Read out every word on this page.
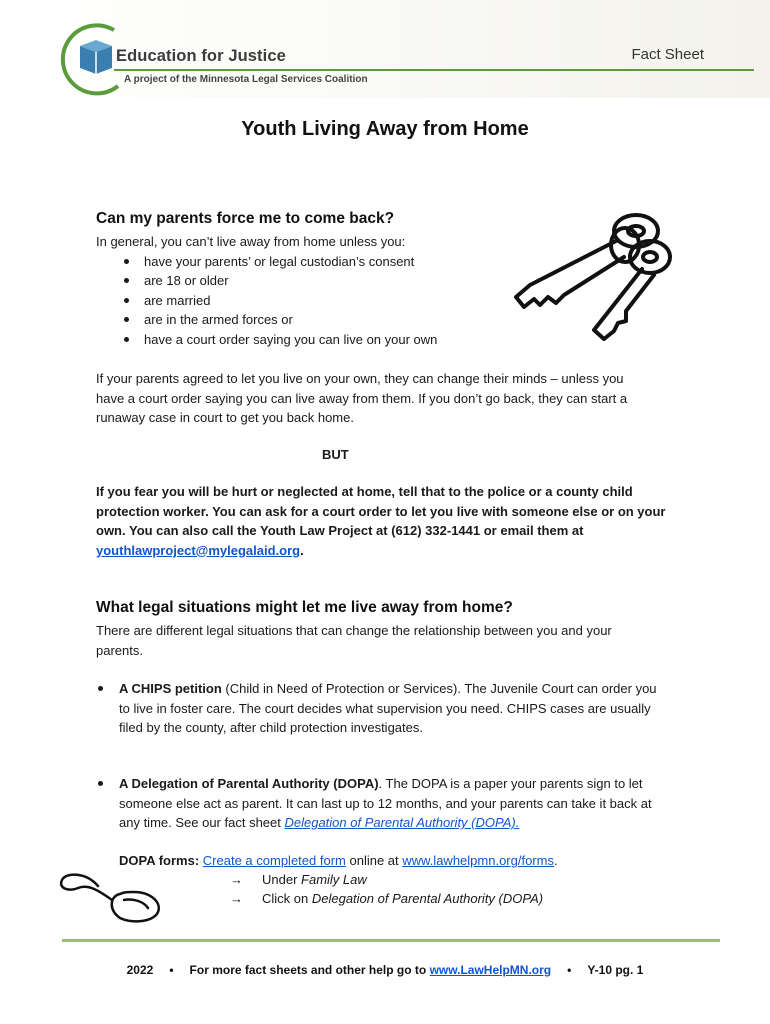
Education for Justice
A project of the Minnesota Legal Services Coalition
Fact Sheet
Youth Living Away from Home
Can my parents force me to come back?
In general, you can’t live away from home unless you:
have your parents’ or legal custodian’s consent
are 18 or older
are married
are in the armed forces or
have a court order saying you can live on your own
If your parents agreed to let you live on your own, they can change their minds – unless you
have a court order saying you can live away from them. If you don’t go back, they can start a
runaway case in court to get you back home.
BUT
If you fear you will be hurt or neglected at home, tell that to the police or a county child
protection worker. You can ask for a court order to let you live with someone else or on your
own. You can also call the Youth Law Project at (612) 332-1441 or email them at
youthlawproject@mylegalaid.org.
What legal situations might let me live away from home?
There are different legal situations that can change the relationship between you and your
parents.
A CHIPS petition (Child in Need of Protection or Services). The Juvenile Court can order you
to live in foster care. The court decides what supervision you need. CHIPS cases are usually
filed by the county, after child protection investigates.
A Delegation of Parental Authority (DOPA). The DOPA is a paper your parents sign to let
someone else act as parent. It can last up to 12 months, and your parents can take it back at
any time. See our fact sheet Delegation of Parental Authority (DOPA).
DOPA forms: Create a completed form online at www.lawhelpmn.org/forms.
→ Under Family Law
→ Click on Delegation of Parental Authority (DOPA)
2022 • For more fact sheets and other help go to www.LawHelpMN.org • Y-10 pg. 1
